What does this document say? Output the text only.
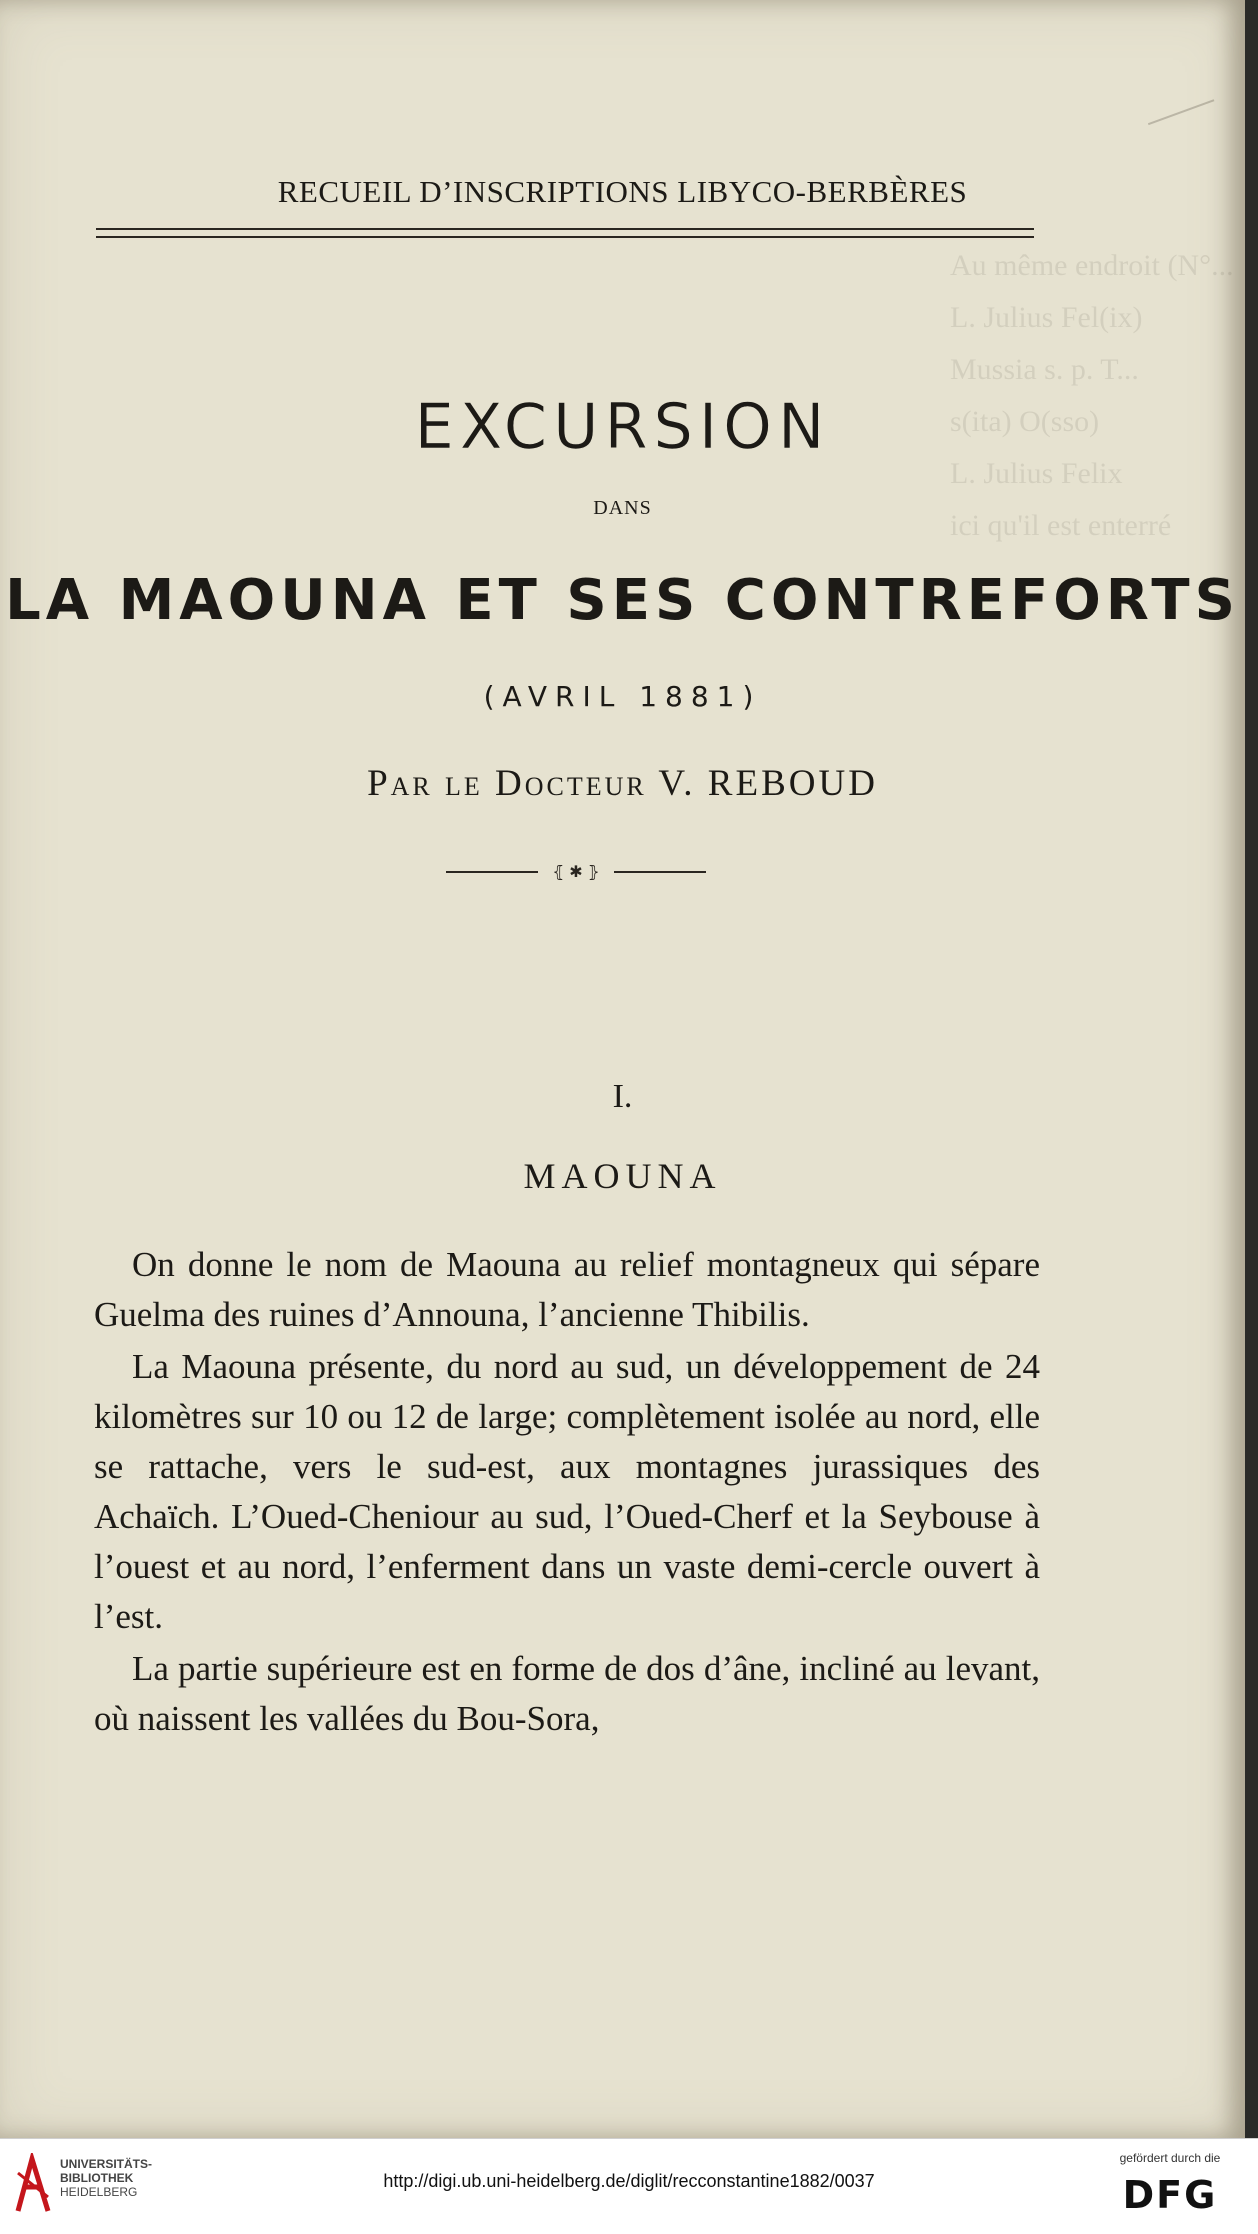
Au même endroit (N°...
L. Julius Fel(ix)
Mussia s. p. T...
s(ita) O(sso)
L. Julius Felix
ici qu'il est enterré
RECUEIL D’INSCRIPTIONS LIBYCO-BERBÈRES
EXCURSION
DANS
LA MAOUNA ET SES CONTREFORTS
(AVRIL 1881)
Par le Docteur V. REBOUD
⦃ ✱ ⦄
I.
MAOUNA

On donne le nom de Maouna au relief montagneux qui sépare Guelma des ruines d’Announa, l’ancienne Thibilis.

La Maouna présente, du nord au sud, un développement de 24 kilomètres sur 10 ou 12 de large; complètement isolée au nord, elle se rattache, vers le sud-est, aux montagnes jurassiques des Achaïch. L’Oued-Cheniour au sud, l’Oued-Cherf et la Seybouse à l’ouest et au nord, l’enferment dans un vaste demi-cercle ouvert à l’est.

La partie supérieure est en forme de dos d’âne, incliné au levant, où naissent les vallées du Bou-Sora,

UNIVERSITÄTS-
BIBLIOTHEK
HEIDELBERG
http://digi.ub.uni-heidelberg.de/diglit/recconstantine1882/0037
gefördert durch die
DFG
